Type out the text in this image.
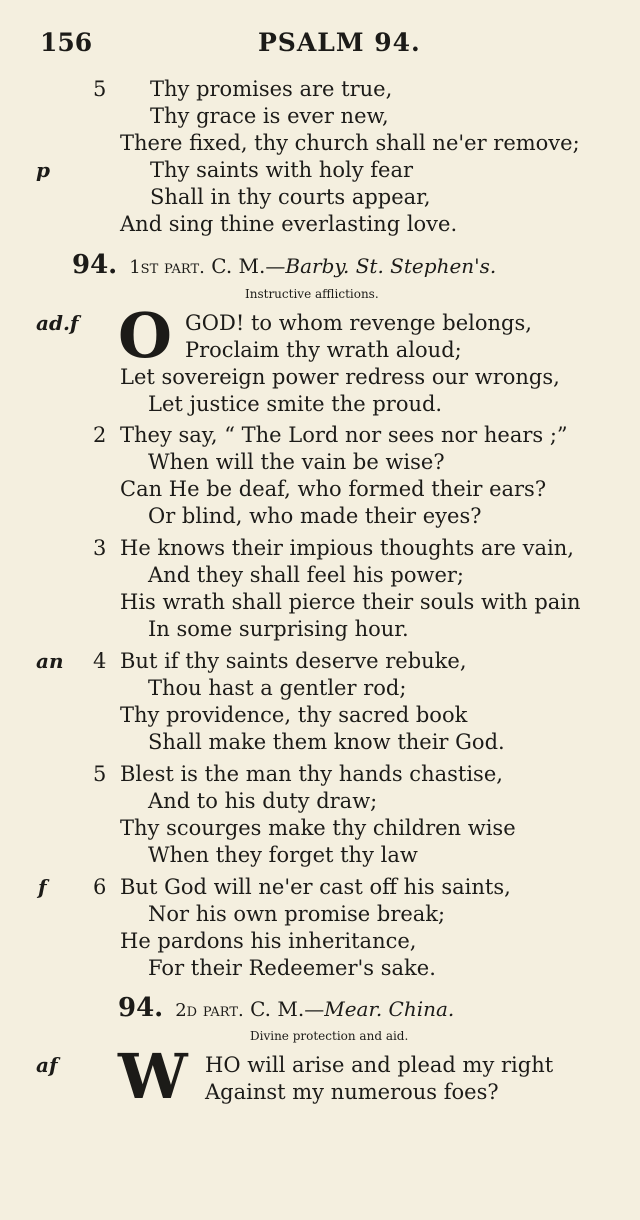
156	PSALM 94.
5 Thy promises are true,
Thy grace is ever new,
There fixed, thy church shall ne'er remove;
p	Thy saints with holy fear
Shall in thy courts appear,
And sing thine everlasting love.
94. 1st part. C. M.—Barby. St. Stephen's.
Instructive afflictions.
ad.f O GOD! to whom revenge belongs,
Proclaim thy wrath aloud;
Let sovereign power redress our wrongs,
Let justice smite the proud.
2 They say, “ The Lord nor sees nor hears ;”
When will the vain be wise?
Can He be deaf, who formed their ears?
Or blind, who made their eyes?
3 He knows their impious thoughts are vain,
And they shall feel his power;
His wrath shall pierce their souls with pain
In some surprising hour.
an 4 But if thy saints deserve rebuke,
Thou hast a gentler rod;
Thy providence, thy sacred book
Shall make them know their God.
5 Blest is the man thy hands chastise,
And to his duty draw;
Thy scourges make thy children wise
When they forget thy law
f 6 But God will ne'er cast off his saints,
Nor his own promise break;
He pardons his inheritance,
For their Redeemer's sake.
94. 2d part. C. M.—Mear. China.
Divine protection and aid.
af W HO will arise and plead my right
Against my numerous foes?
